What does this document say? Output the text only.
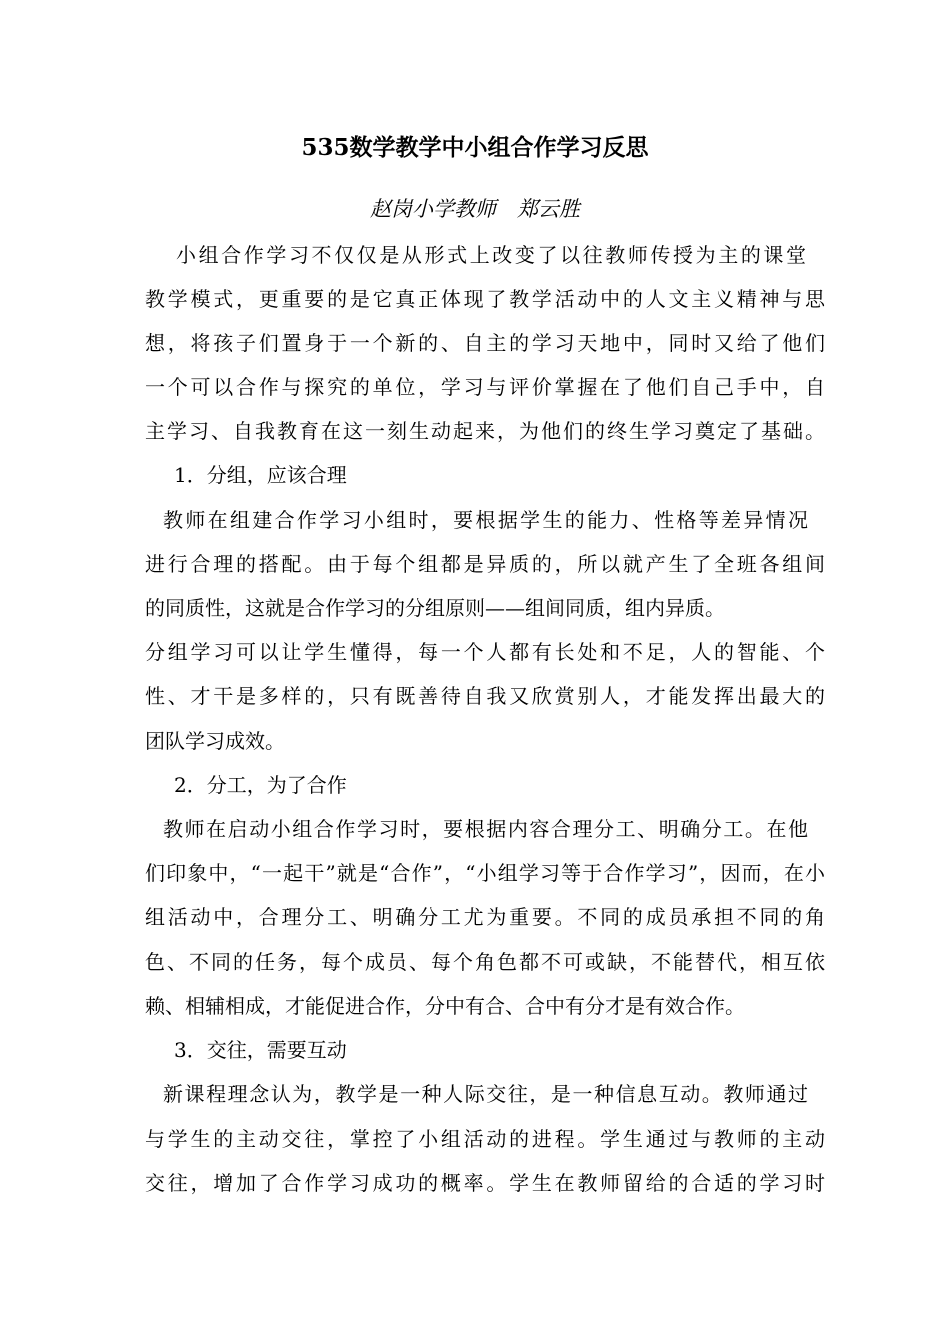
535数学教学中小组合作学习反思
赵岗小学教师　郑云胜
小组合作学习不仅仅是从形式上改变了以往教师传授为主的课堂
教学模式，更重要的是它真正体现了教学活动中的人文主义精神与思
想，将孩子们置身于一个新的、自主的学习天地中，同时又给了他们
一个可以合作与探究的单位，学习与评价掌握在了他们自己手中，自
主学习、自我教育在这一刻生动起来，为他们的终生学习奠定了基础。
1．分组，应该合理
教师在组建合作学习小组时，要根据学生的能力、性格等差异情况
进行合理的搭配。由于每个组都是异质的，所以就产生了全班各组间
的同质性，这就是合作学习的分组原则——组间同质，组内异质。
分组学习可以让学生懂得，每一个人都有长处和不足，人的智能、个
性、才干是多样的，只有既善待自我又欣赏别人，才能发挥出最大的
团队学习成效。
2．分工，为了合作
教师在启动小组合作学习时，要根据内容合理分工、明确分工。在他
们印象中，“一起干”就是“合作”，“小组学习等于合作学习”，因而，在小
组活动中，合理分工、明确分工尤为重要。不同的成员承担不同的角
色、不同的任务，每个成员、每个角色都不可或缺，不能替代，相互依
赖、相辅相成，才能促进合作，分中有合、合中有分才是有效合作。
3．交往，需要互动
新课程理念认为，教学是一种人际交往，是一种信息互动。教师通过
与学生的主动交往，掌控了小组活动的进程。学生通过与教师的主动
交往，增加了合作学习成功的概率。学生在教师留给的合适的学习时
